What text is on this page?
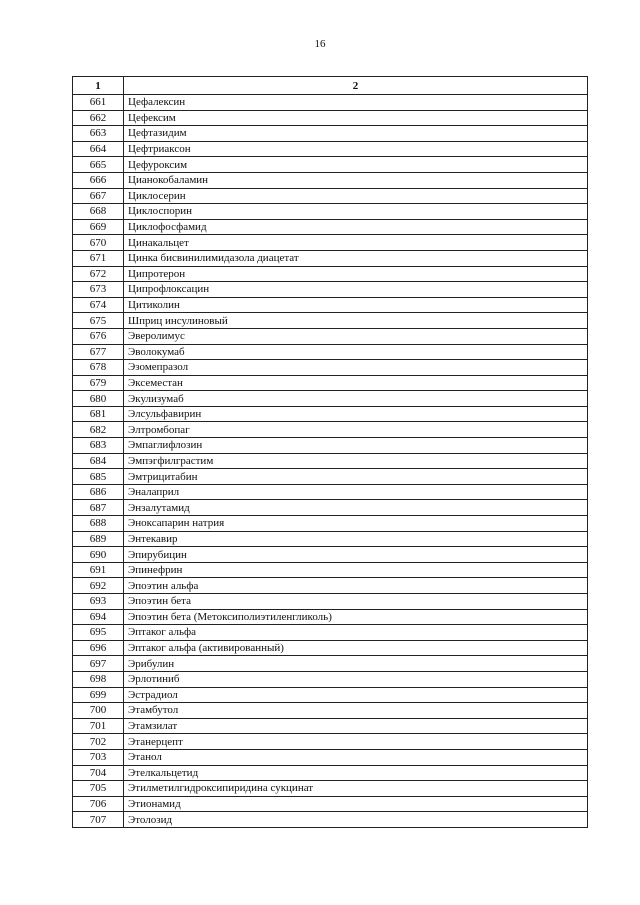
16
1	2
661	Цефалексин
662	Цефексим
663	Цефтазидим
664	Цефтриаксон
665	Цефуроксим
666	Цианокобаламин
667	Циклосерин
668	Циклоспорин
669	Циклофосфамид
670	Цинакальцет
671	Цинка бисвинилимидазола диацетат
672	Ципротерон
673	Ципрофлоксацин
674	Цитиколин
675	Шприц инсулиновый
676	Эверолимус
677	Эволокумаб
678	Эзомепразол
679	Эксеместан
680	Экулизумаб
681	Элсульфавирин
682	Элтромбопаг
683	Эмпаглифлозин
684	Эмпэгфилграстим
685	Эмтрицитабин
686	Эналаприл
687	Энзалутамид
688	Эноксапарин натрия
689	Энтекавир
690	Эпирубицин
691	Эпинефрин
692	Эпоэтин альфа
693	Эпоэтин бета
694	Эпоэтин бета (Метоксиполиэтиленгликоль)
695	Эптаког альфа
696	Эптаког альфа (активированный)
697	Эрибулин
698	Эрлотиниб
699	Эстрадиол
700	Этамбутол
701	Этамзилат
702	Этанерцепт
703	Этанол
704	Этелкальцетид
705	Этилметилгидроксипиридина сукцинат
706	Этионамид
707	Этолозид
